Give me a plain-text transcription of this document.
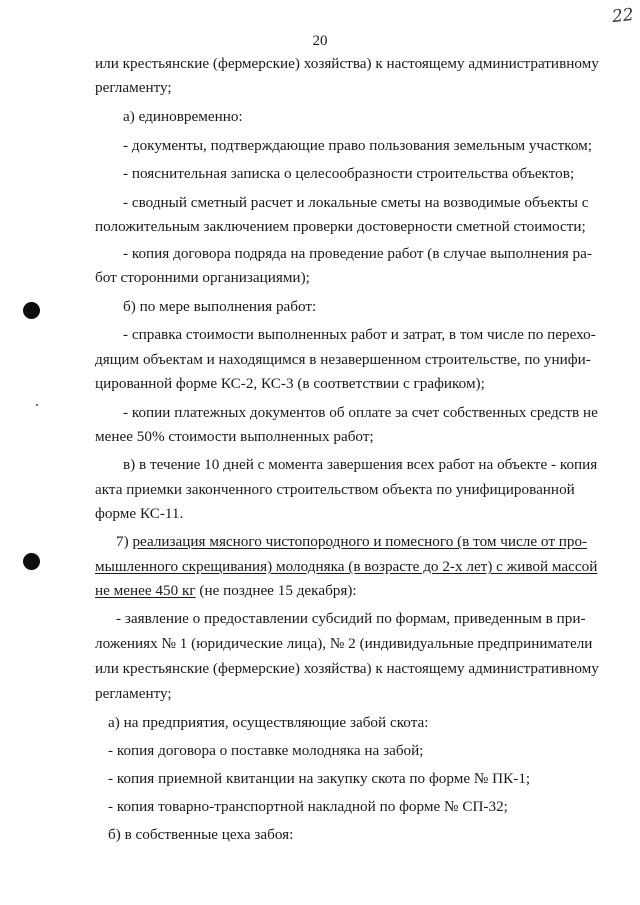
20
22
или крестьянские (фермерские) хозяйства) к настоящему административному
регламенту;
а) единовременно:
- документы, подтверждающие право пользования земельным участком;
- пояснительная записка о целесообразности строительства объектов;
- сводный сметный расчет и локальные сметы на возводимые объекты с
положительным заключением проверки достоверности сметной стоимости;
- копия договора подряда на проведение работ (в случае выполнения ра-
бот сторонними организациями);
б) по мере выполнения работ:
- справка стоимости выполненных работ и затрат, в том числе по перехо-
дящим объектам и находящимся в незавершенном строительстве, по унифи-
цированной форме КС-2, КС-3 (в соответствии с графиком);
- копии платежных документов об оплате за счет собственных средств не
менее 50% стоимости выполненных работ;
в) в течение 10 дней с момента завершения всех работ на объекте - копия
акта приемки законченного строительством объекта по унифицированной
форме КС-11.
7) реализация мясного чистопородного и помесного (в том числе от про-
мышленного скрещивания) молодняка (в возрасте до 2-х лет) с живой массой
не менее 450 кг (не позднее 15 декабря):
- заявление о предоставлении субсидий по формам, приведенным в при-
ложениях № 1 (юридические лица), № 2 (индивидуальные предприниматели
или крестьянские (фермерские) хозяйства) к настоящему административному
регламенту;
а) на предприятия, осуществляющие забой скота:
- копия договора о поставке молодняка на забой;
- копия приемной квитанции на закупку скота по форме № ПК-1;
- копия товарно-транспортной накладной по форме № СП-32;
б) в собственные цеха забоя:
